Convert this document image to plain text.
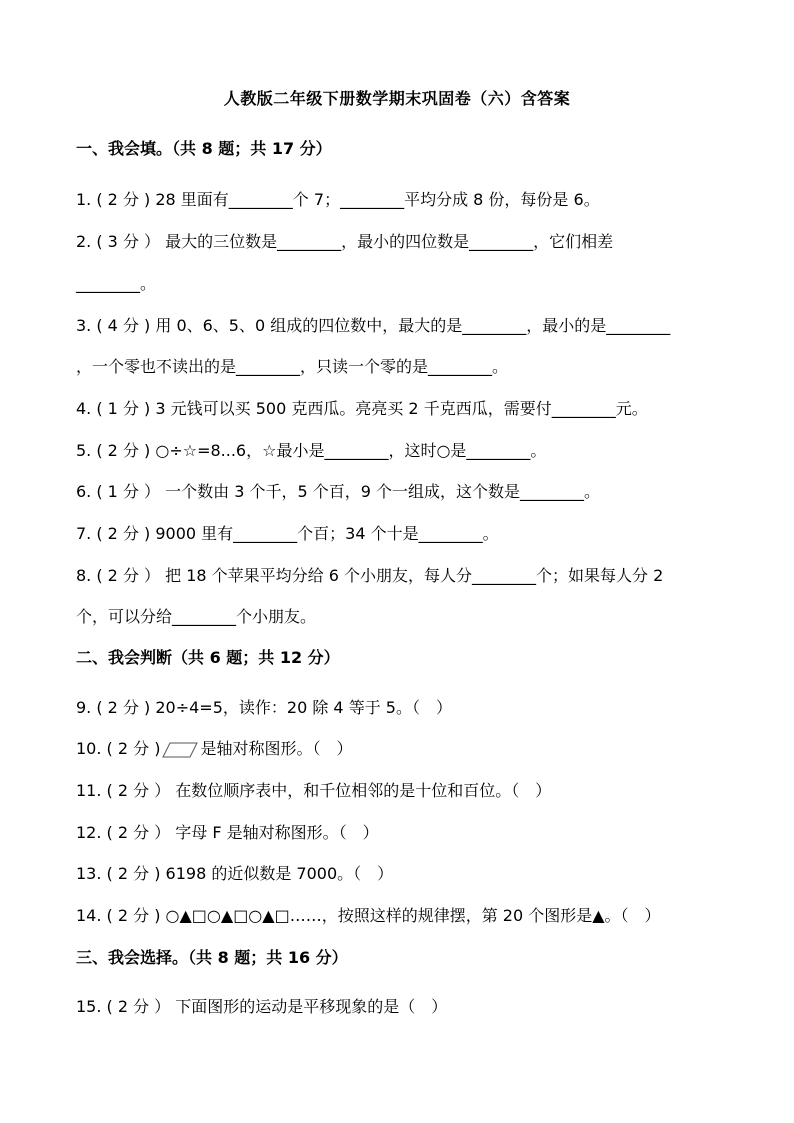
人教版二年级下册数学期末巩固卷（六）含答案
一、我会填。（共 8 题；共 17 分）
1. ( 2 分 ) 28 里面有________个 7；________平均分成 8 份，每份是 6。
2. ( 3 分 ） 最大的三位数是________，最小的四位数是________，它们相差
________。
3. ( 4 分 ) 用 0、6、5、0 组成的四位数中，最大的是________，最小的是________
，一个零也不读出的是________，只读一个零的是________。
4. ( 1 分 ) 3 元钱可以买 500 克西瓜。亮亮买 2 千克西瓜，需要付________元。
5. ( 2 分 ) ○÷☆=8...6，☆最小是________，这时○是________。
6. ( 1 分 ） 一个数由 3 个千，5 个百，9 个一组成，这个数是________。
7. ( 2 分 ) 9000 里有________个百；34 个十是________。
8. ( 2 分 ） 把 18 个苹果平均分给 6 个小朋友，每人分________个；如果每人分 2
个，可以分给________个小朋友。
二、我会判断（共 6 题；共 12 分）
9. ( 2 分 ) 20÷4=5，读作：20 除 4 等于 5。（　）
10. ( 2 分 )	是轴对称图形。（　）
11. ( 2 分 ） 在数位顺序表中，和千位相邻的是十位和百位。（　）
12. ( 2 分 ） 字母 F 是轴对称图形。（　）
13. ( 2 分 ) 6198 的近似数是 7000。（　）
14. ( 2 分 ) ○▲□○▲□○▲□……，按照这样的规律摆，第 20 个图形是▲。（　）
三、我会选择。（共 8 题；共 16 分）
15. ( 2 分 ） 下面图形的运动是平移现象的是（　）
